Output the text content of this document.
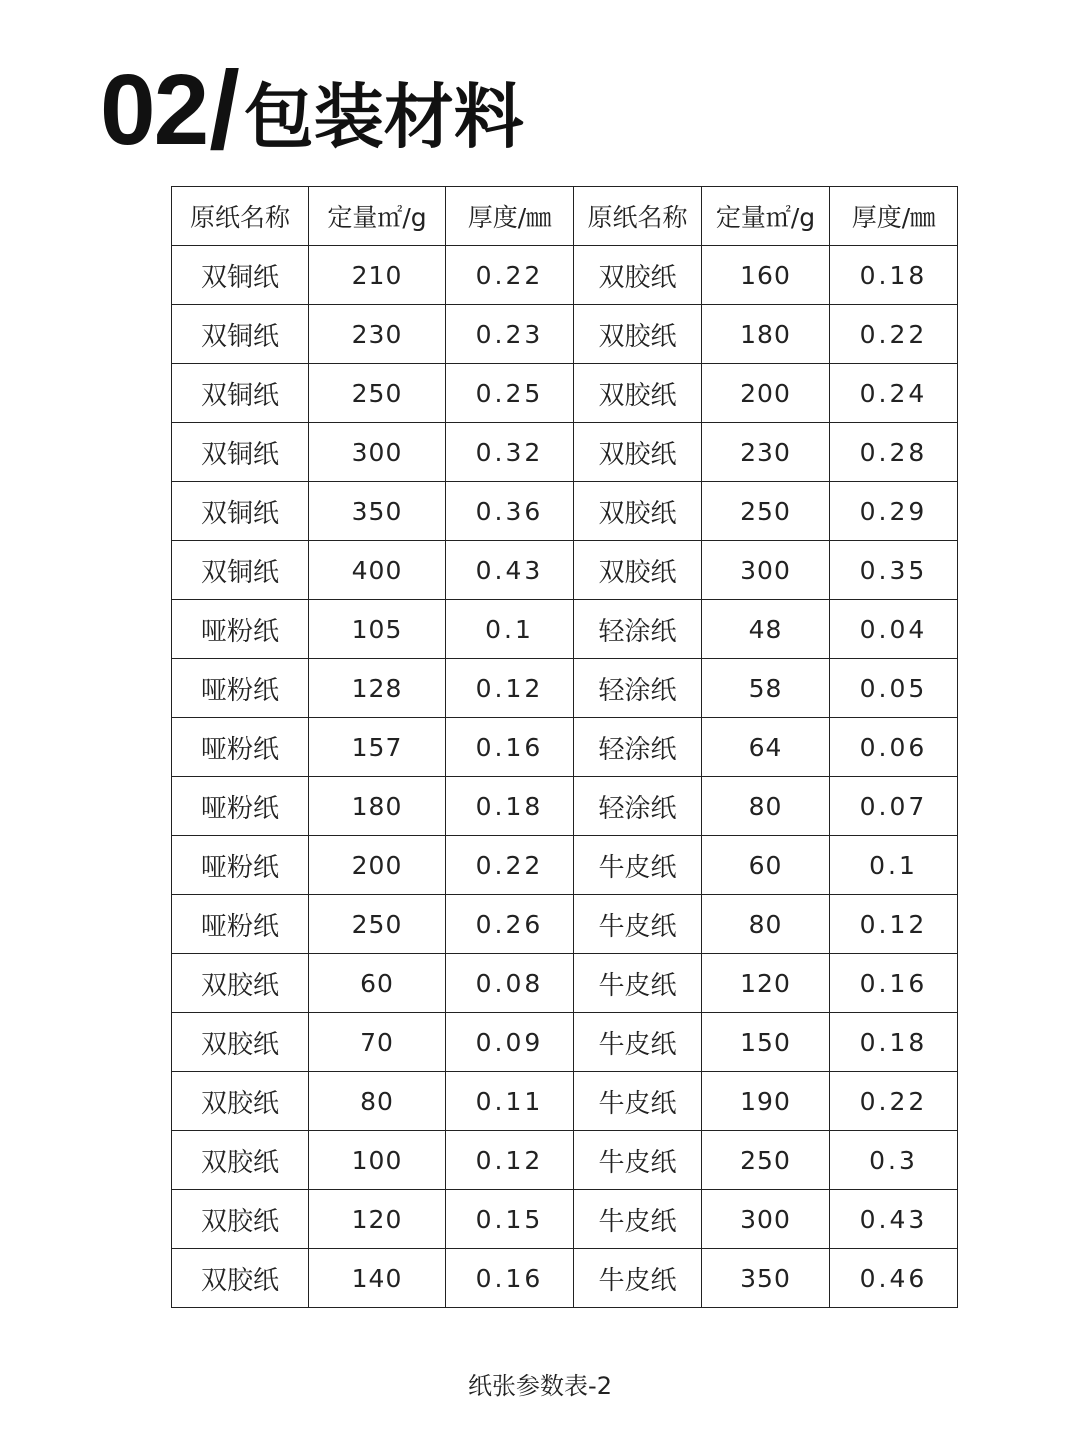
02 / 包装材料
原纸名称	定量㎡/g	厚度/㎜	原纸名称	定量㎡/g	厚度/㎜
双铜纸	210	0.22	双胶纸	160	0.18
双铜纸	230	0.23	双胶纸	180	0.22
双铜纸	250	0.25	双胶纸	200	0.24
双铜纸	300	0.32	双胶纸	230	0.28
双铜纸	350	0.36	双胶纸	250	0.29
双铜纸	400	0.43	双胶纸	300	0.35
哑粉纸	105	0.1	轻涂纸	48	0.04
哑粉纸	128	0.12	轻涂纸	58	0.05
哑粉纸	157	0.16	轻涂纸	64	0.06
哑粉纸	180	0.18	轻涂纸	80	0.07
哑粉纸	200	0.22	牛皮纸	60	0.1
哑粉纸	250	0.26	牛皮纸	80	0.12
双胶纸	60	0.08	牛皮纸	120	0.16
双胶纸	70	0.09	牛皮纸	150	0.18
双胶纸	80	0.11	牛皮纸	190	0.22
双胶纸	100	0.12	牛皮纸	250	0.3
双胶纸	120	0.15	牛皮纸	300	0.43
双胶纸	140	0.16	牛皮纸	350	0.46
纸张参数表-2
